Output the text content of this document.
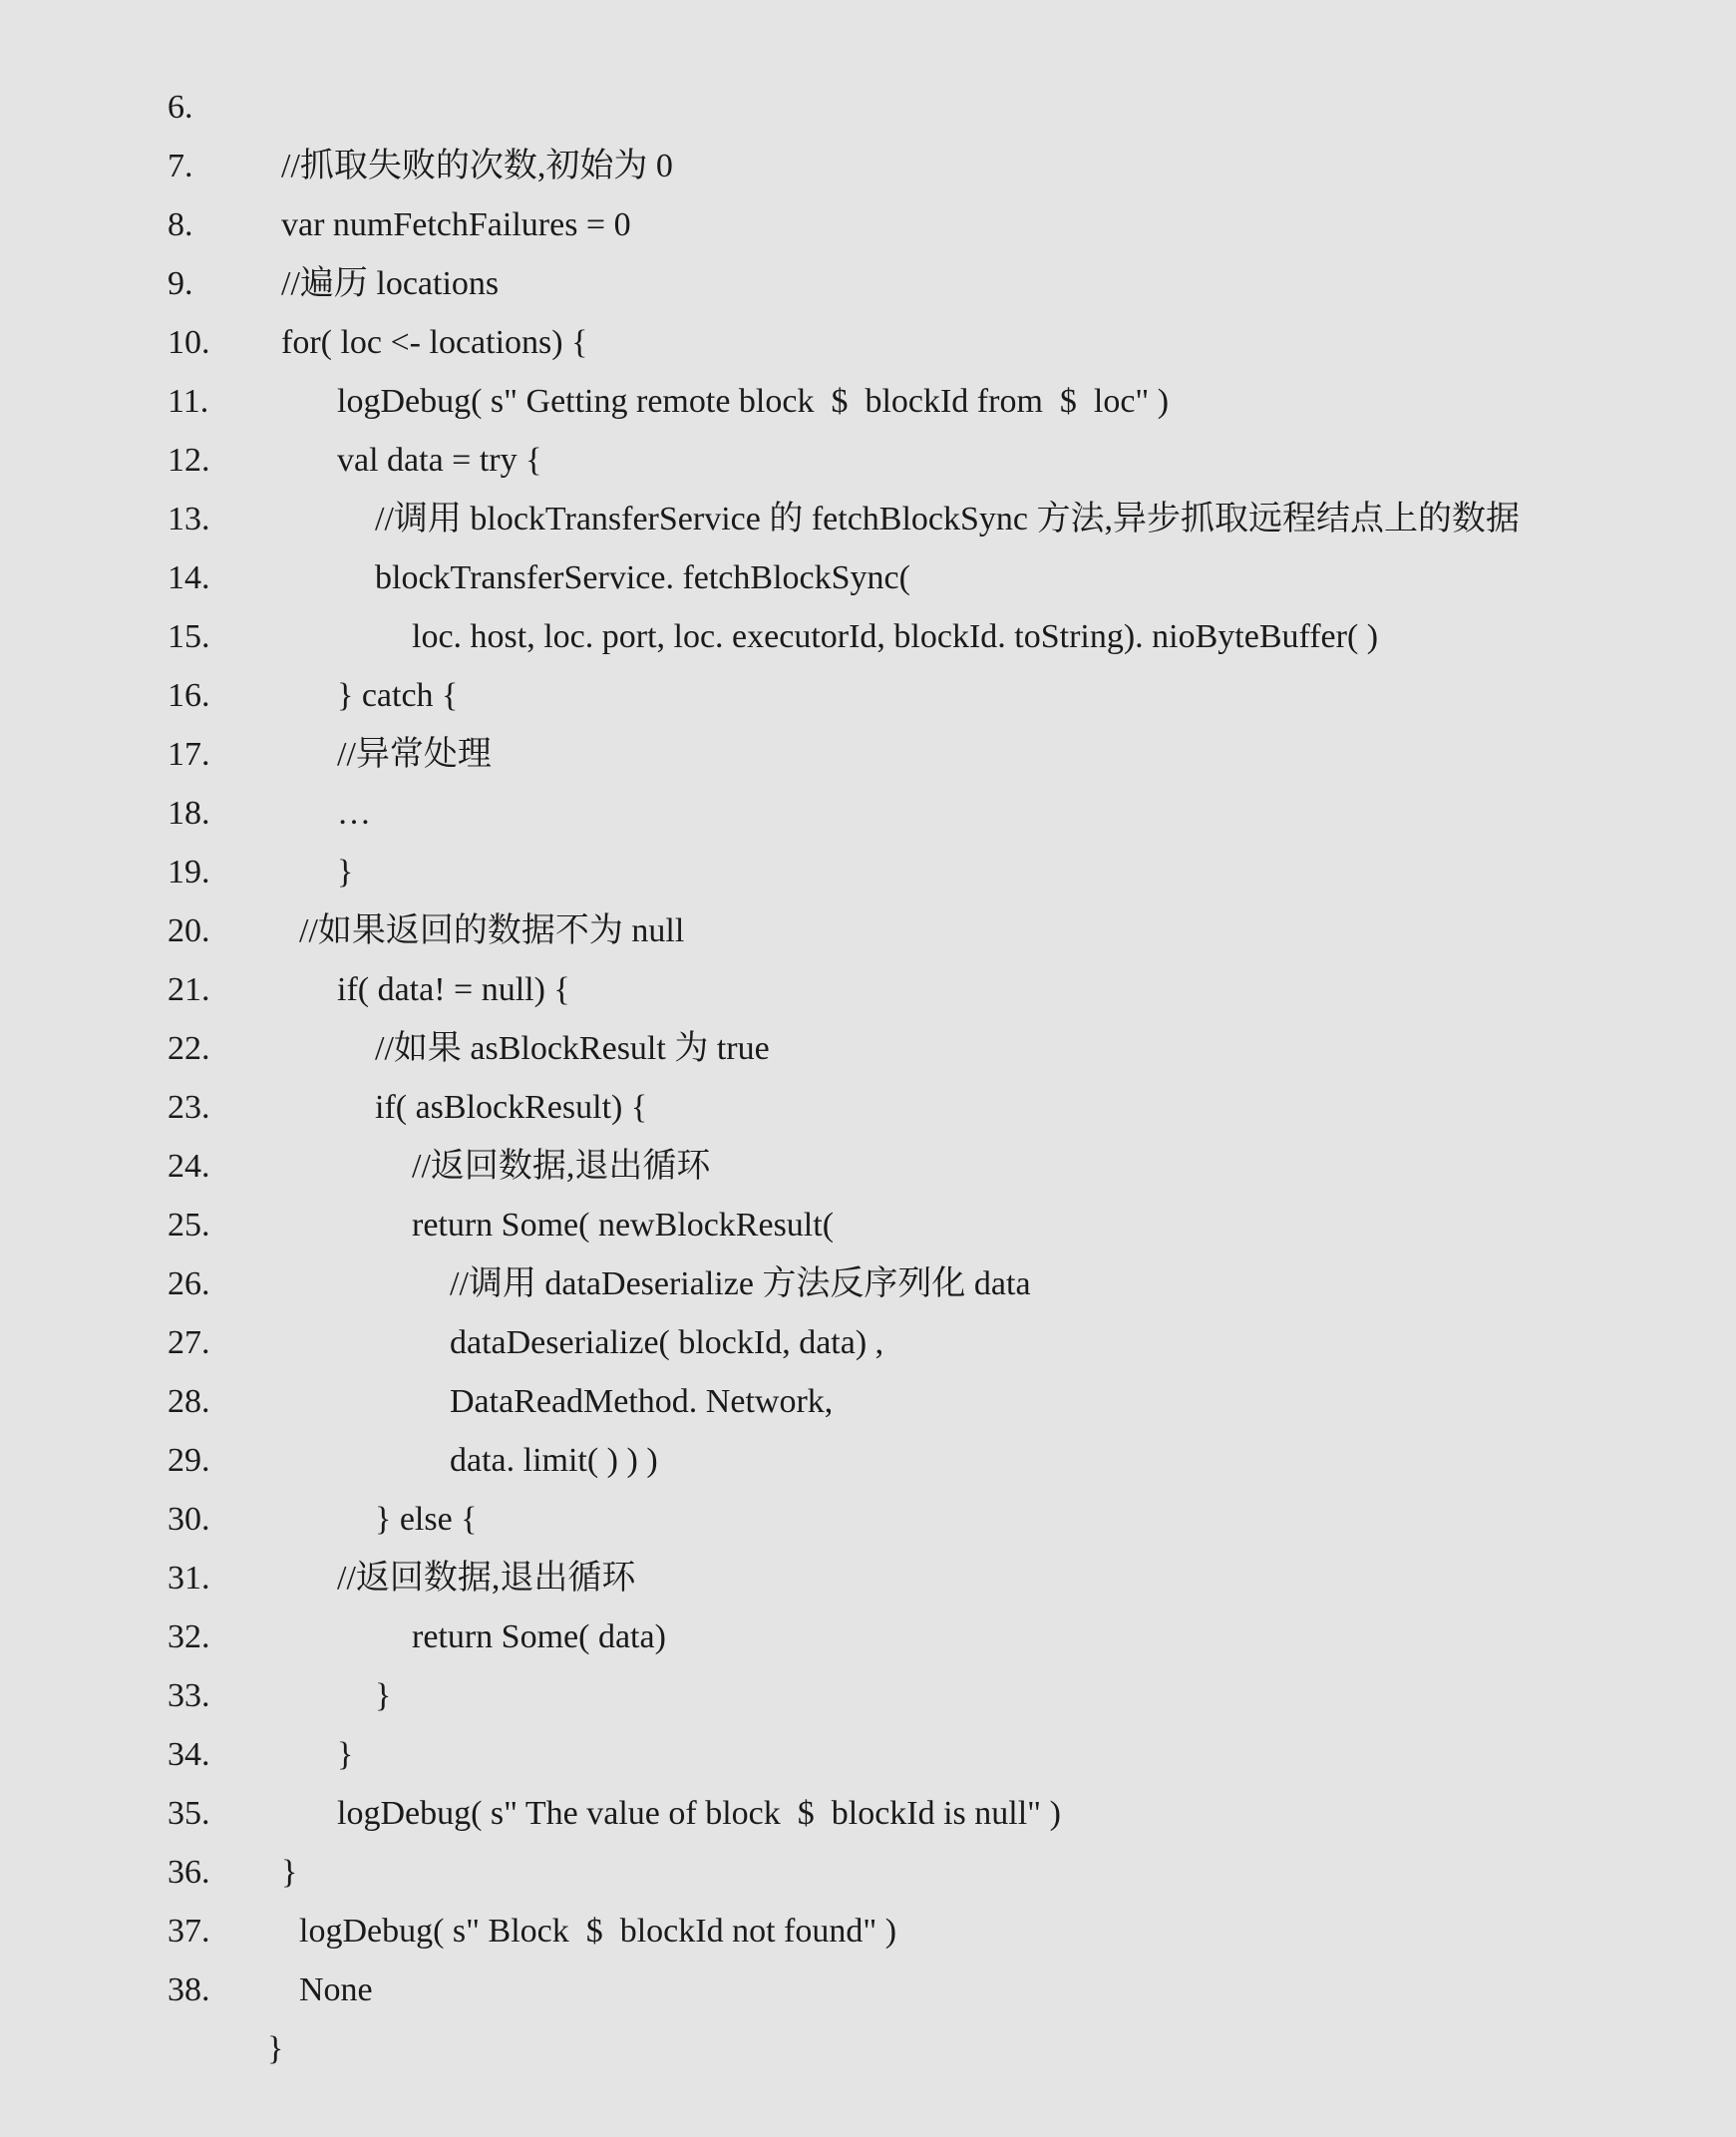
6.

//抓取失败的次数,初始为 0

7.

var numFetchFailures = 0

8.

//遍历 locations

9.

for( loc <- locations) {

10.

logDebug( s" Getting remote block  $  blockId from  $  loc" )

11.

val data = try {

12.

//调用 blockTransferService 的 fetchBlockSync 方法,异步抓取远程结点上的数据

13.

blockTransferService. fetchBlockSync(

14.

loc. host, loc. port, loc. executorId, blockId. toString). nioByteBuffer( )

15.

} catch {

16.

//异常处理

17.

…

18.

}

19.

//如果返回的数据不为 null

20.

if( data! = null) {

21.

//如果 asBlockResult 为 true

22.

if( asBlockResult) {

23.

//返回数据,退出循环

24.

return Some( newBlockResult(

25.

//调用 dataDeserialize 方法反序列化 data

26.

dataDeserialize( blockId, data) ,

27.

DataReadMethod. Network,

28.

data. limit( ) ) )

29.

} else {

30.

//返回数据,退出循环

31.

return Some( data)

32.

}

33.

}

34.

logDebug( s" The value of block  $  blockId is null" )

35.

}

36.

logDebug( s" Block  $  blockId not found" )

37.

None

38.

}
